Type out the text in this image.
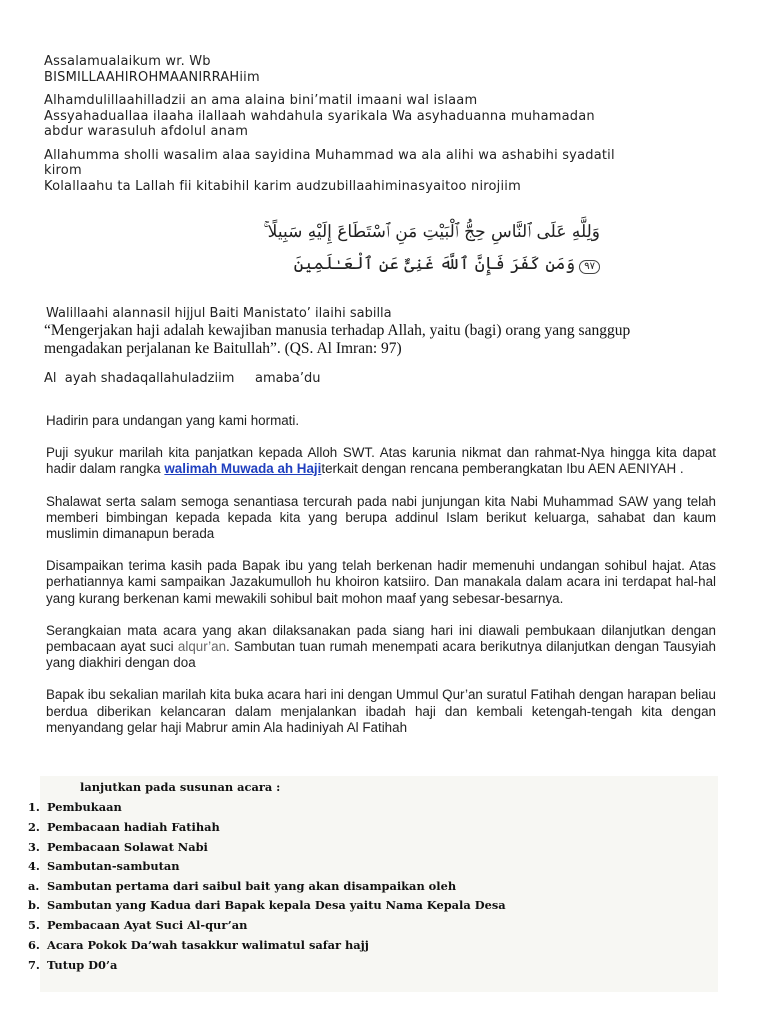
Assalamualaikum wr. Wb
BISMILLAAHIROHMAANIRRAHiim
Alhamdulillaahilladzii an ama alaina bini’matil imaani wal islaam
Assyahaduallaa ilaaha ilallaah wahdahula syarikala Wa asyhaduanna muhamadan
abdur warasuluh afdolul anam
Allahumma sholli wasalim alaa sayidina Muhammad wa ala alihi wa ashabihi syadatil
kirom
Kolallaahu ta Lallah fii kitabihil karim audzubillaahiminasyaitoo nirojiim
وَلِلَّهِ عَلَى ٱلنَّاسِ حِجُّ ٱلْبَيْتِ مَنِ ٱسْتَطَاعَ إِلَيْهِ سَبِيلًا ۚ
٩٧وَمَن كَفَرَ فَإِنَّ ٱللَّهَ غَنِىٌّ عَنِ ٱلْعَـٰلَمِينَ
Walillaahi alannasil hijjul Baiti Manistato’ ilaihi sabilla
“Mengerjakan haji adalah kewajiban manusia terhadap Allah, yaitu (bagi) orang yang sanggup
mengadakan perjalanan ke Baitullah”. (QS. Al Imran: 97)
Al  ayah shadaqallahuladziim     amaba’du

Hadirin para undangan yang kami hormati.

Puji syukur marilah kita panjatkan kepada Alloh SWT. Atas karunia nikmat dan rahmat-Nya hingga kita dapat hadir dalam rangka walimah Muwada ah Hajiterkait dengan rencana pemberangkatan Ibu AEN AENIYAH .

Shalawat serta salam semoga senantiasa tercurah pada nabi junjungan kita Nabi Muhammad SAW yang telah memberi bimbingan kepada kepada kita yang berupa addinul Islam berikut keluarga, sahabat dan kaum muslimin dimanapun berada

Disampaikan terima kasih pada Bapak ibu yang telah berkenan hadir memenuhi undangan sohibul hajat. Atas perhatiannya kami sampaikan Jazakumulloh hu khoiron katsiiro. Dan manakala dalam acara ini terdapat hal-hal yang kurang berkenan kami mewakili sohibul bait mohon maaf yang sebesar-besarnya.

Serangkaian mata acara yang akan dilaksanakan pada siang hari ini diawali pembukaan dilanjutkan dengan pembacaan ayat suci alqur’an. Sambutan tuan rumah menempati acara berikutnya dilanjutkan dengan Tausyiah yang diakhiri dengan doa

Bapak ibu sekalian marilah kita buka acara hari ini dengan Ummul Qur’an suratul Fatihah dengan harapan beliau berdua diberikan kelancaran dalam menjalankan ibadah haji dan kembali ketengah-tengah kita dengan menyandang gelar haji Mabrur amin Ala hadiniyah Al Fatihah

lanjutkan pada susunan acara :
1. Pembukaan
2. Pembacaan hadiah Fatihah
3. Pembacaan Solawat Nabi
4. Sambutan-sambutan
a. Sambutan pertama dari saibul bait yang akan disampaikan oleh
b. Sambutan yang Kadua dari Bapak kepala Desa yaitu Nama Kepala Desa
5. Pembacaan Ayat Suci Al-qur’an
6. Acara Pokok Da’wah tasakkur walimatul safar hajj
7. Tutup D0’a
